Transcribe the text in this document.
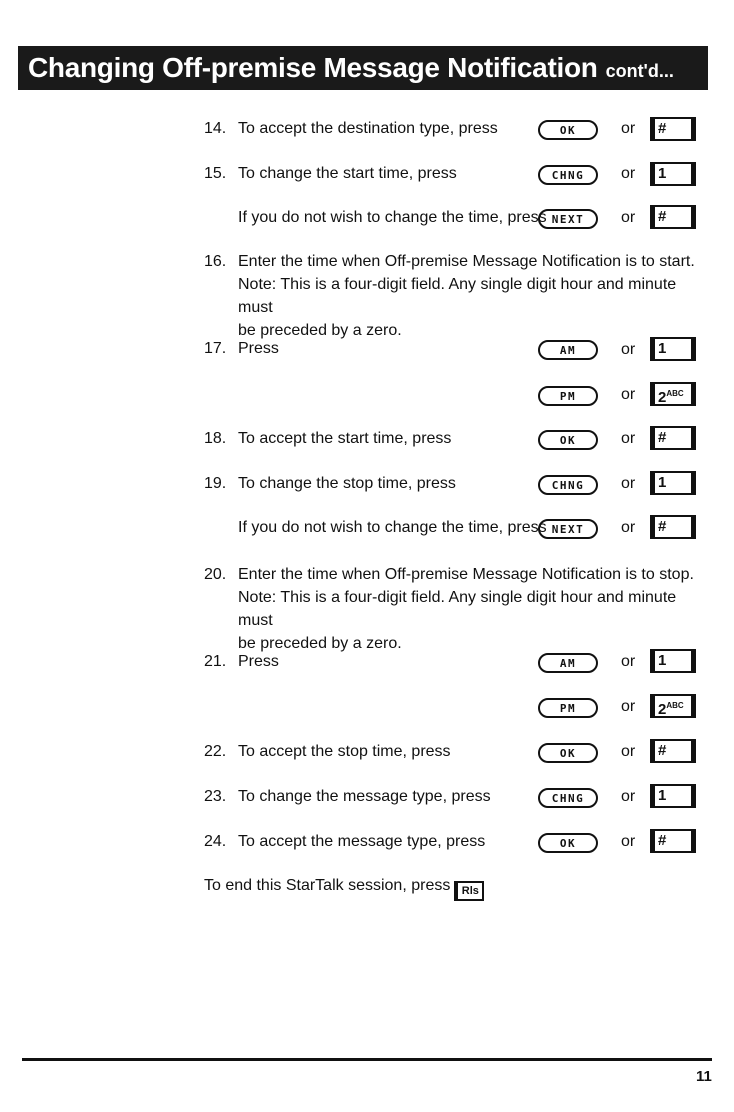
Changing Off-premise Message Notification cont'd...
14. To accept the destination type, press	OK	or	#
15. To change the start time, press	CHNG	or	1
If you do not wish to change the time, press NEXT	or	#
16. Enter the time when Off-premise Message Notification is to start.
Note: This is a four-digit field. Any single digit hour and minute must
be preceded by a zero.
17. Press	AM	or	1
PM	or	$2^{ABC}$
18. To accept the start time, press	OK	or	#
19. To change the stop time, press	CHNG	or	1
If you do not wish to change the time, press NEXT	or	#
20. Enter the time when Off-premise Message Notification is to stop.
Note: This is a four-digit field. Any single digit hour and minute must
be preceded by a zero.
21. Press	AM	or	1
PM	or	$2^{ABC}$
22. To accept the stop time, press	OK	or	#
23. To change the message type, press	CHNG	or	1
24. To accept the message type, press	OK	or	#
To end this StarTalk session, press Rls
11
